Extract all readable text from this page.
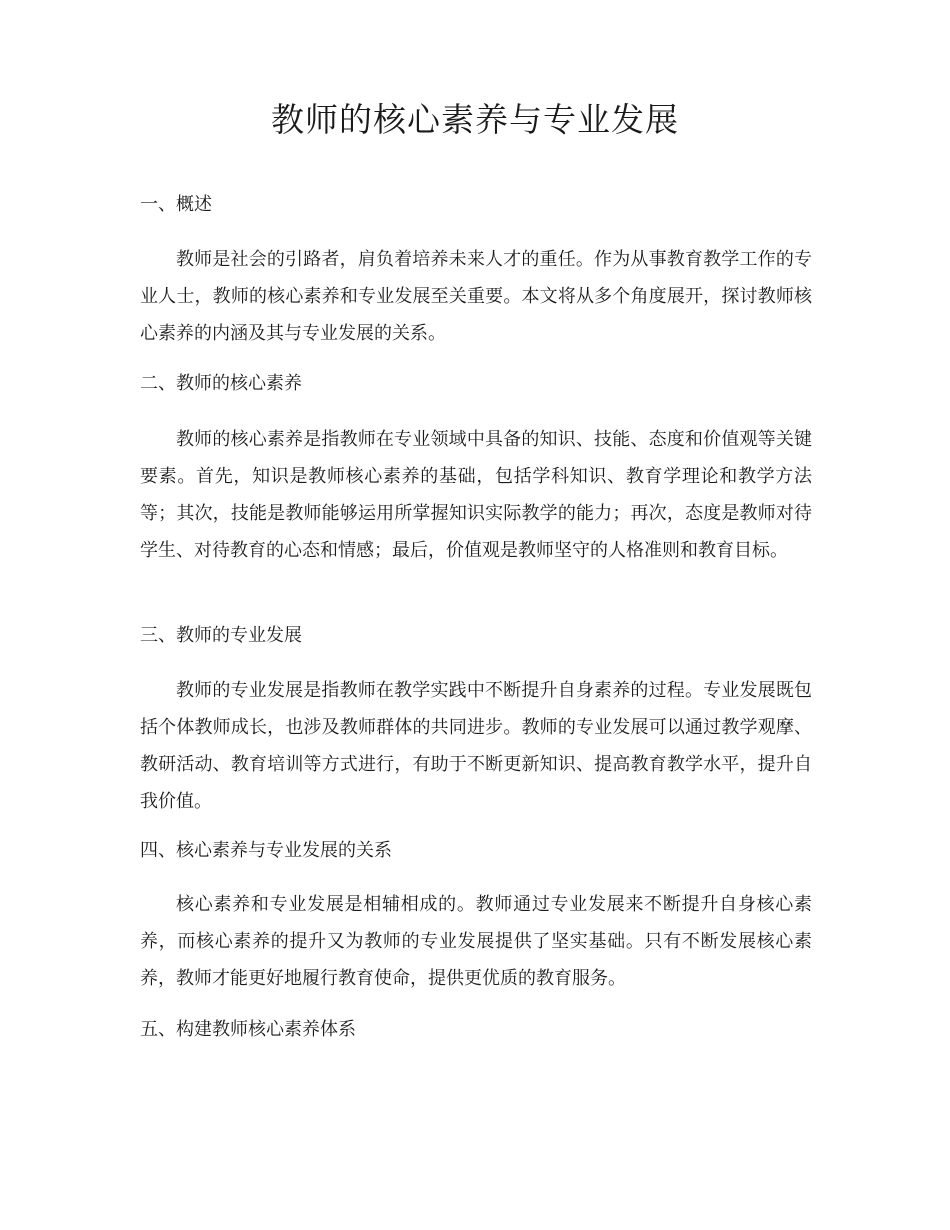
教师的核心素养与专业发展
一、概述

教师是社会的引路者，肩负着培养未来人才的重任。作为从事教育教学工作的专业人士，教师的核心素养和专业发展至关重要。本文将从多个角度展开，探讨教师核心素养的内涵及其与专业发展的关系。

二、教师的核心素养

教师的核心素养是指教师在专业领域中具备的知识、技能、态度和价值观等关键要素。首先，知识是教师核心素养的基础，包括学科知识、教育学理论和教学方法等；其次，技能是教师能够运用所掌握知识实际教学的能力；再次，态度是教师对待学生、对待教育的心态和情感；最后，价值观是教师坚守的人格准则和教育目标。

三、教师的专业发展

教师的专业发展是指教师在教学实践中不断提升自身素养的过程。专业发展既包括个体教师成长，也涉及教师群体的共同进步。教师的专业发展可以通过教学观摩、教研活动、教育培训等方式进行，有助于不断更新知识、提高教育教学水平，提升自我价值。

四、核心素养与专业发展的关系

核心素养和专业发展是相辅相成的。教师通过专业发展来不断提升自身核心素养，而核心素养的提升又为教师的专业发展提供了坚实基础。只有不断发展核心素养，教师才能更好地履行教育使命，提供更优质的教育服务。

五、构建教师核心素养体系
